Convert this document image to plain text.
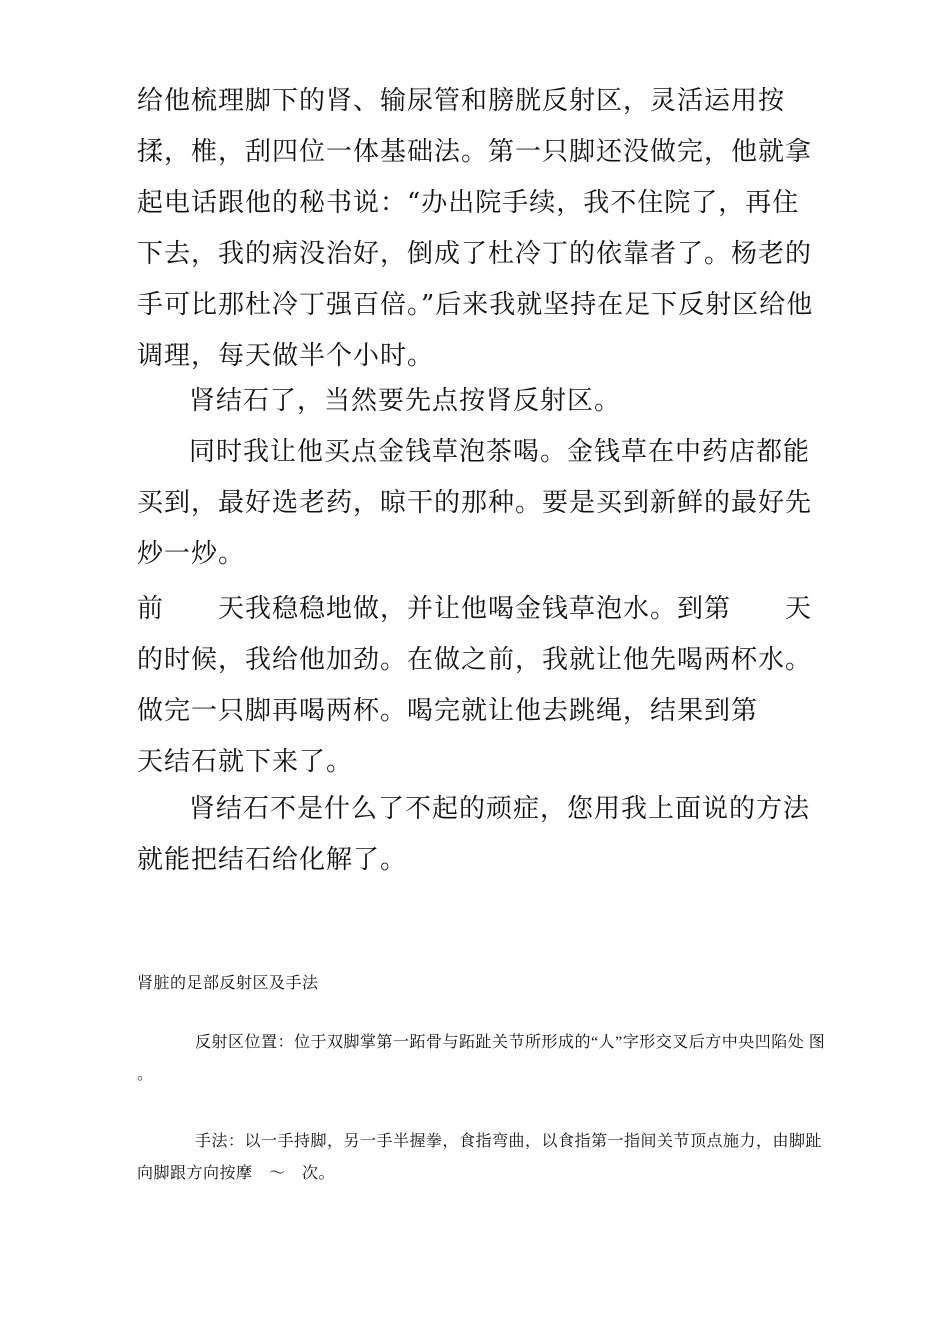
给他梳理脚下的肾、输尿管和膀胱反射区，灵活运用按揉，椎，刮四位一体基础法。第一只脚还没做完，他就拿起电话跟他的秘书说：“办出院手续，我不住院了，再住下去，我的病没治好，倒成了杜冷丁的依靠者了。杨老的手可比那杜冷丁强百倍。”后来我就坚持在足下反射区给他调理，每天做半个小时。

肾结石了，当然要先点按肾反射区。

同时我让他买点金钱草泡茶喝。金钱草在中药店都能买到，最好选老药，晾干的那种。要是买到新鲜的最好先炒一炒。

前　　天我稳稳地做，并让他喝金钱草泡水。到第　　天的时候，我给他加劲。在做之前，我就让他先喝两杯水。做完一只脚再喝两杯。喝完就让他去跳绳，结果到第　　天结石就下来了。

肾结石不是什么了不起的顽症，您用我上面说的方法就能把结石给化解了。

肾脏的足部反射区及手法

反射区位置：位于双脚掌第一跖骨与跖趾关节所形成的“人”字形交叉后方中央凹陷处 图　 。

手法：以一手持脚，另一手半握拳，食指弯曲，以食指第一指间关节顶点施力，由脚趾向脚跟方向按摩　～　次。
